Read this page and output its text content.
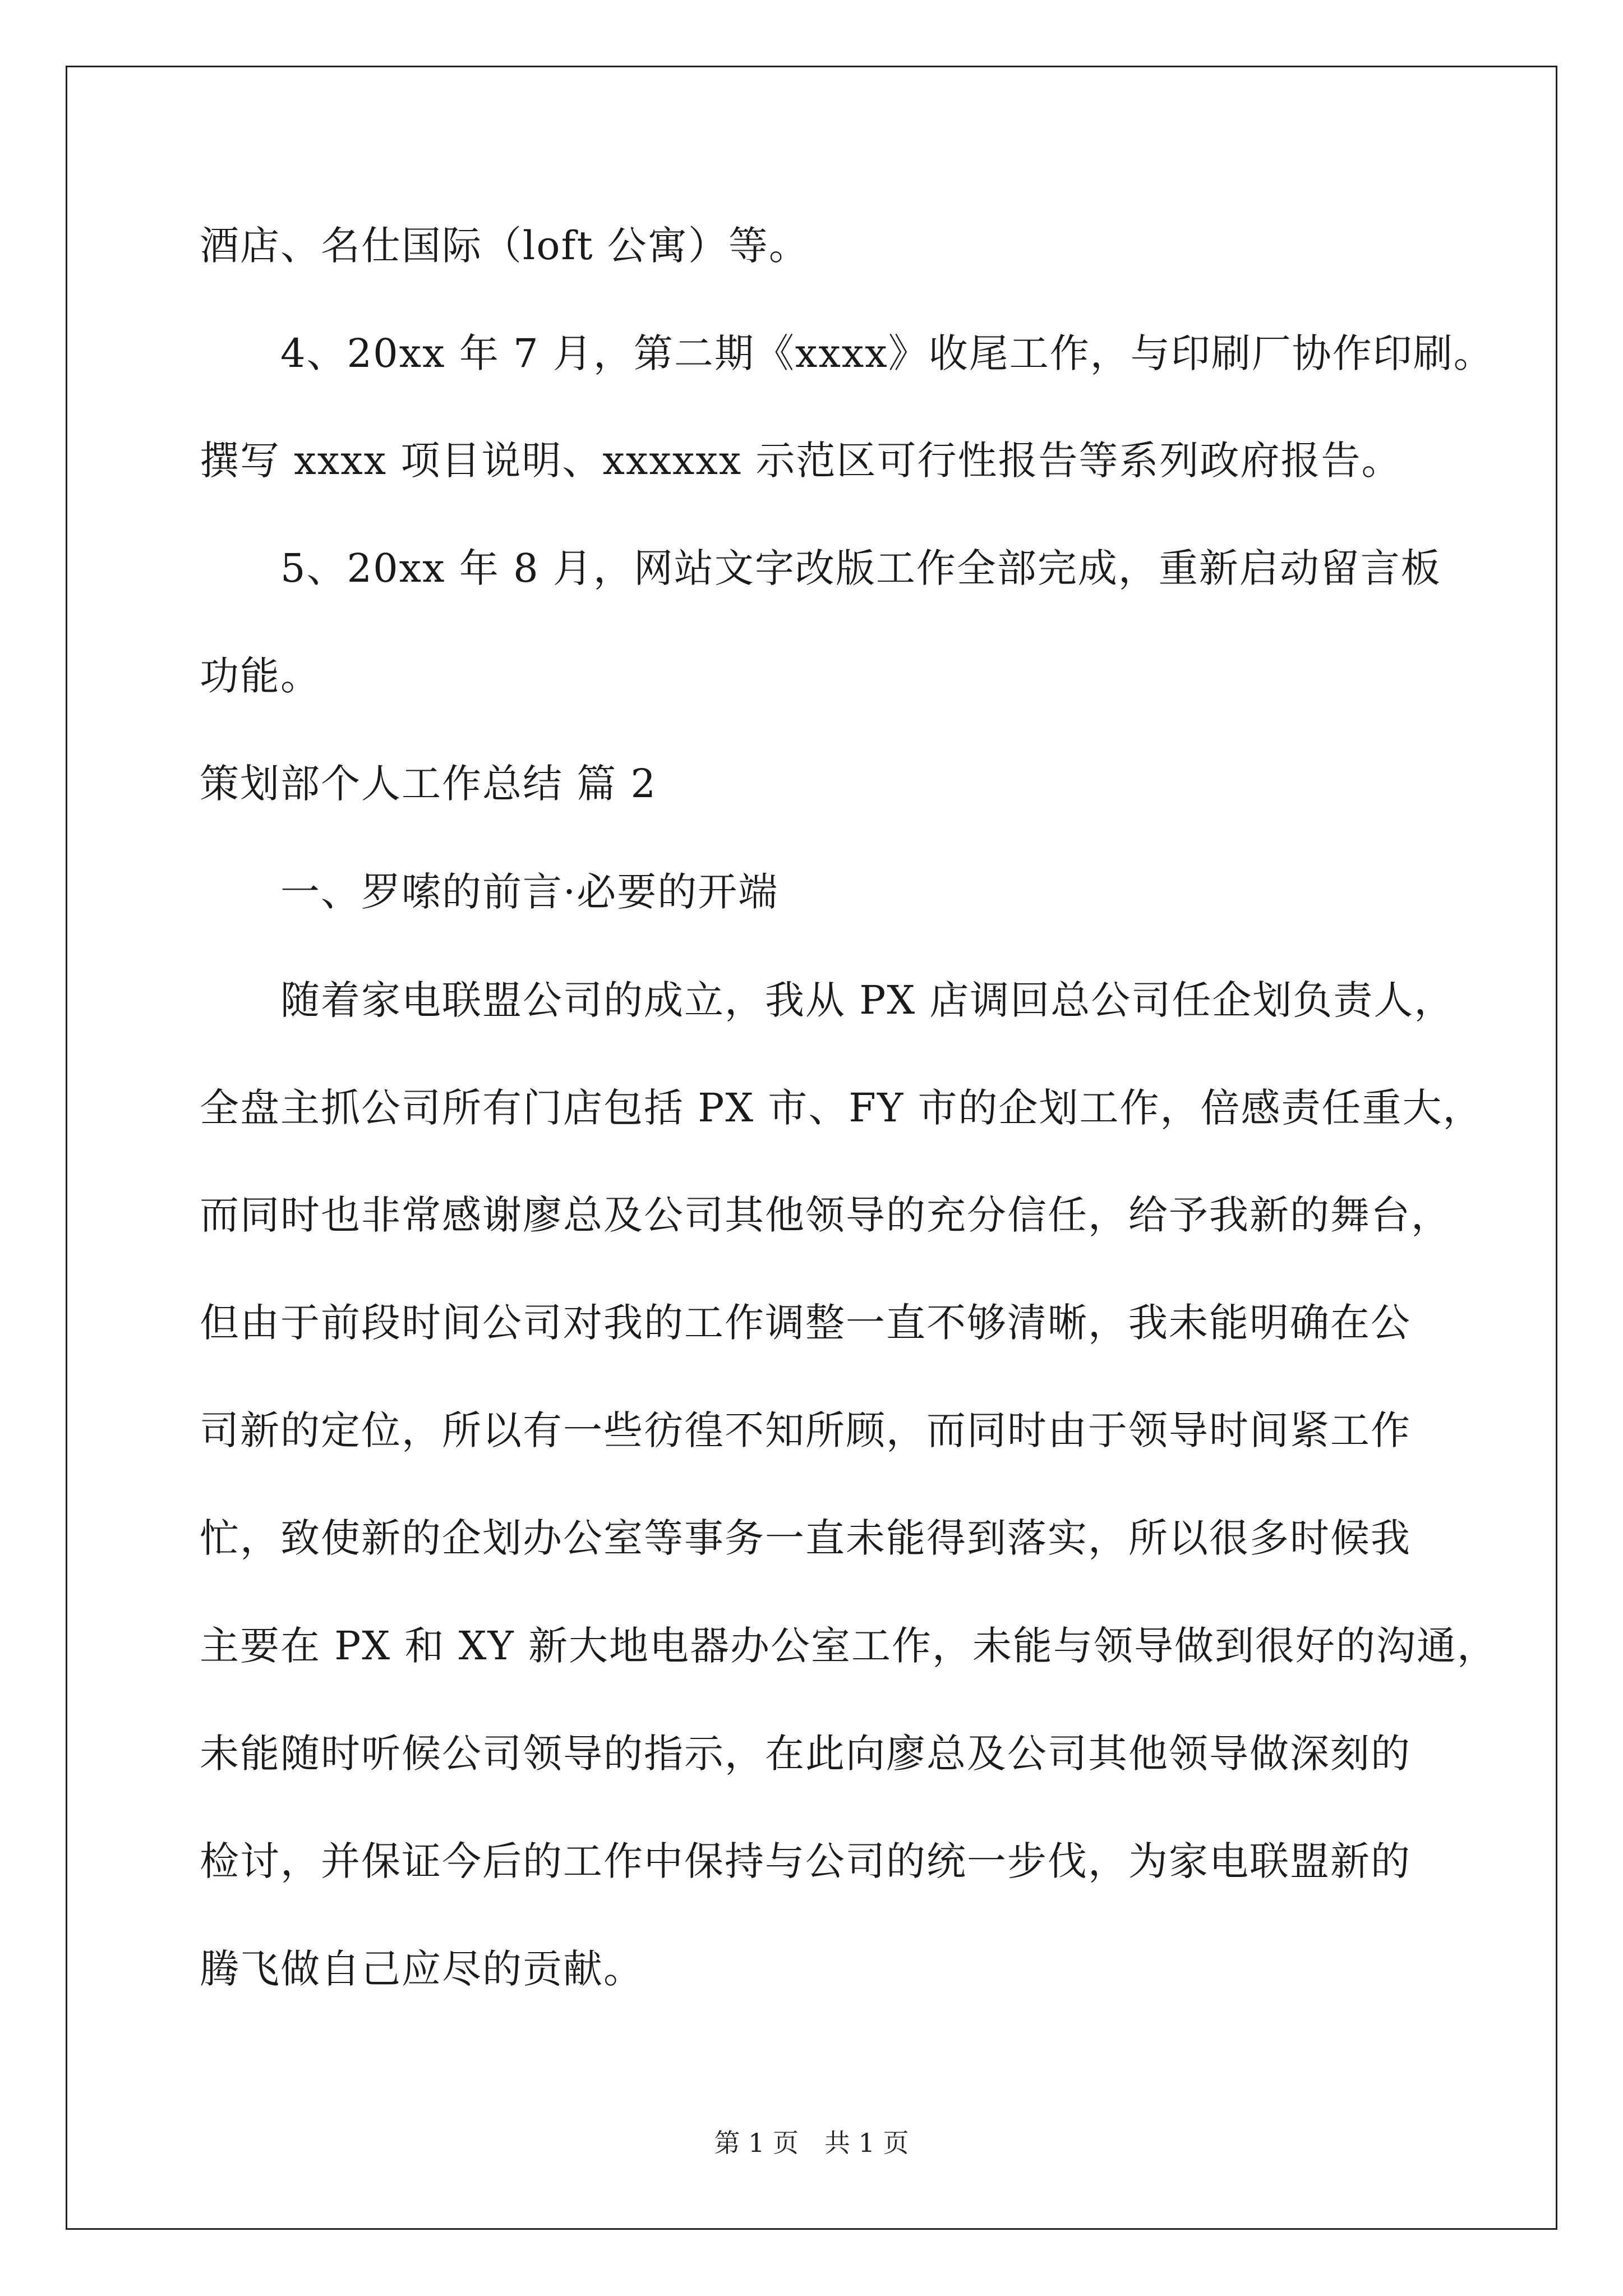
酒店、名仕国际（loft 公寓）等。
4、20xx 年 7 月，第二期《xxxx》收尾工作，与印刷厂协作印刷。
撰写 xxxx 项目说明、xxxxxx 示范区可行性报告等系列政府报告。
5、20xx 年 8 月，网站文字改版工作全部完成，重新启动留言板
功能。
策划部个人工作总结 篇 2
一、罗嗦的前言·必要的开端
随着家电联盟公司的成立，我从 PX 店调回总公司任企划负责人，
全盘主抓公司所有门店包括 PX 市、FY 市的企划工作，倍感责任重大，
而同时也非常感谢廖总及公司其他领导的充分信任，给予我新的舞台，
但由于前段时间公司对我的工作调整一直不够清晰，我未能明确在公
司新的定位，所以有一些彷徨不知所顾，而同时由于领导时间紧工作
忙，致使新的企划办公室等事务一直未能得到落实，所以很多时候我
主要在 PX 和 XY 新大地电器办公室工作，未能与领导做到很好的沟通，
未能随时听候公司领导的指示，在此向廖总及公司其他领导做深刻的
检讨，并保证今后的工作中保持与公司的统一步伐，为家电联盟新的
腾飞做自己应尽的贡献。
第 1 页　共 1 页
